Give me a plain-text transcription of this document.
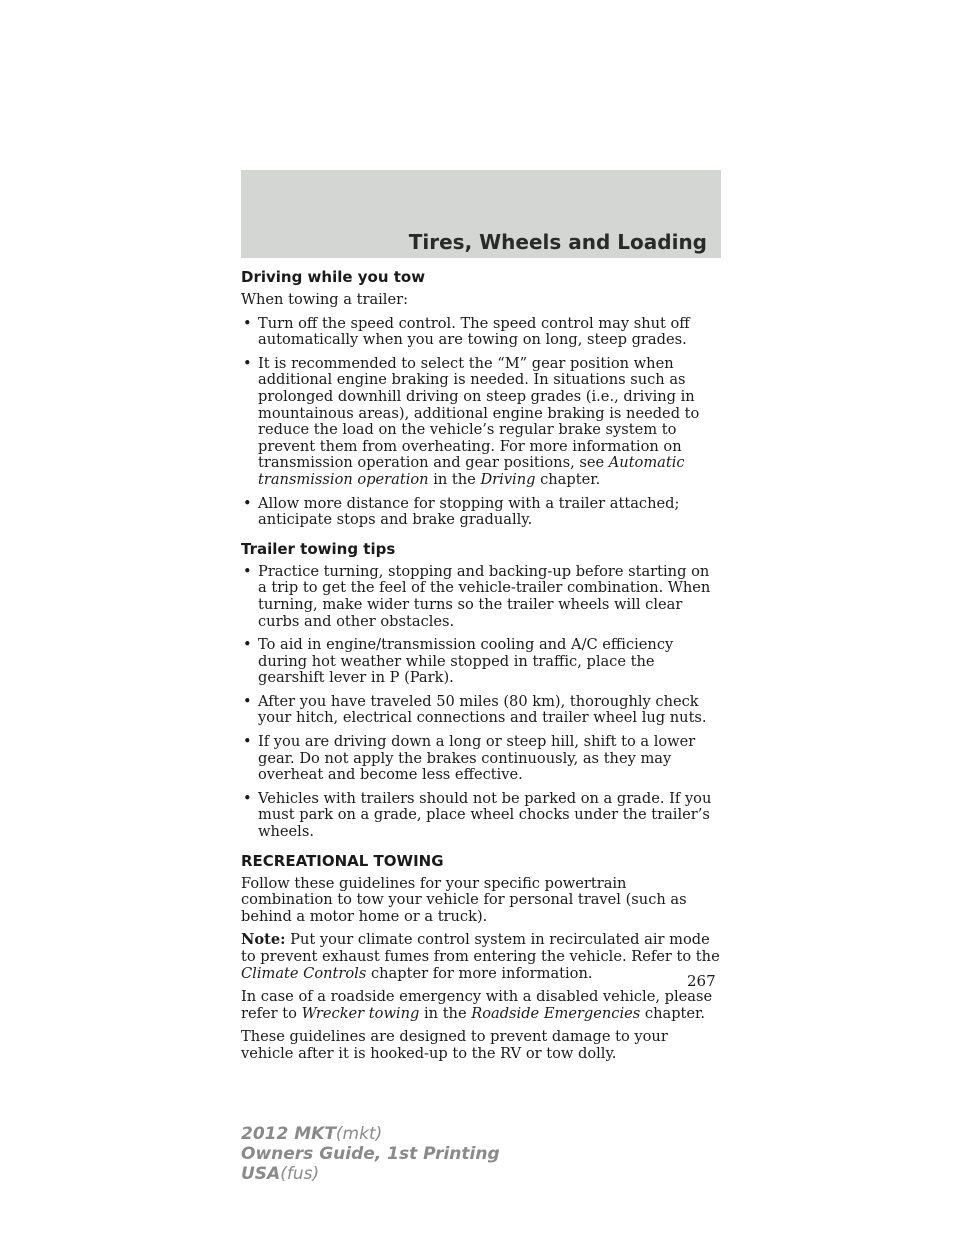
Tires, Wheels and Loading
Driving while you tow

When towing a trailer:

• Turn off the speed control. The speed control may shut off automatically when you are towing on long, steep grades.
• It is recommended to select the “M” gear position when additional engine braking is needed. In situations such as prolonged downhill driving on steep grades (i.e., driving in mountainous areas), additional engine braking is needed to reduce the load on the vehicle’s regular brake system to prevent them from overheating. For more information on transmission operation and gear positions, see Automatic transmission operation in the Driving chapter.
• Allow more distance for stopping with a trailer attached; anticipate stops and brake gradually.
Trailer towing tips
• Practice turning, stopping and backing-up before starting on a trip to get the feel of the vehicle-trailer combination. When turning, make wider turns so the trailer wheels will clear curbs and other obstacles.
• To aid in engine/transmission cooling and A/C efficiency during hot weather while stopped in traffic, place the gearshift lever in P (Park).
• After you have traveled 50 miles (80 km), thoroughly check your hitch, electrical connections and trailer wheel lug nuts.
• If you are driving down a long or steep hill, shift to a lower gear. Do not apply the brakes continuously, as they may overheat and become less effective.
• Vehicles with trailers should not be parked on a grade. If you must park on a grade, place wheel chocks under the trailer’s wheels.
RECREATIONAL TOWING

Follow these guidelines for your specific powertrain combination to tow your vehicle for personal travel (such as behind a motor home or a truck).

Note: Put your climate control system in recirculated air mode to prevent exhaust fumes from entering the vehicle. Refer to the Climate Controls chapter for more information.

In case of a roadside emergency with a disabled vehicle, please refer to Wrecker towing in the Roadside Emergencies chapter.

These guidelines are designed to prevent damage to your vehicle after it is hooked-up to the RV or tow dolly.

267
2012 MKT(mkt)
Owners Guide, 1st Printing
USA(fus)
